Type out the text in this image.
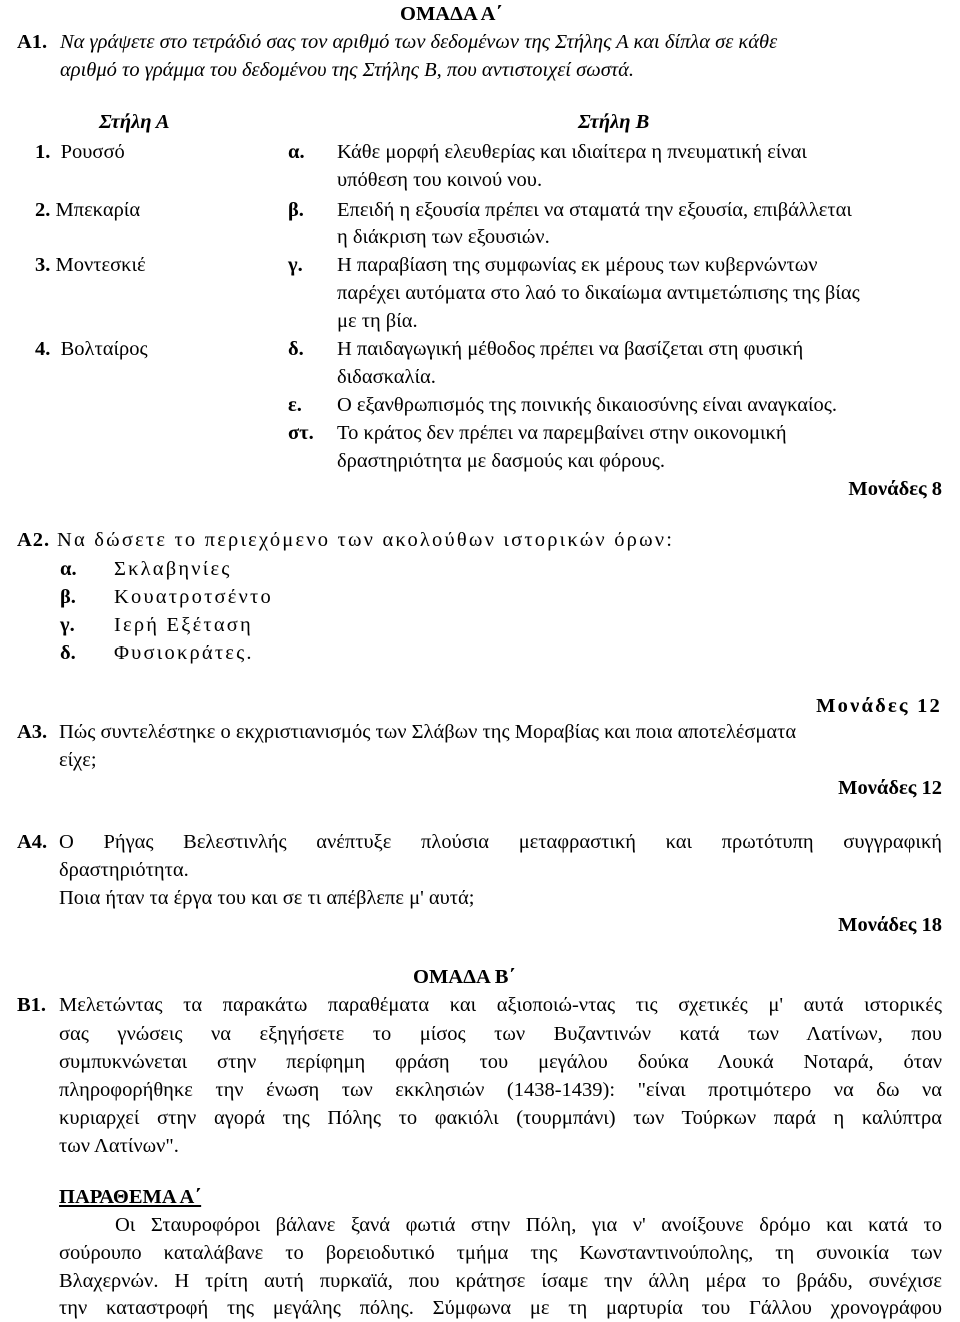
ΟΜΑΔΑ Α΄
Α1. Να γράψετε στο τετράδιό σας τον αριθμό των δεδομένων της Στήλης Α και δίπλα σε κάθε
αριθμό το γράμμα του δεδομένου της Στήλης Β, που αντιστοιχεί σωστά.
Στήλη Α	Στήλη Β
1. Ρουσσό
2. Μπεκαρία
3. Μοντεσκιέ
4. Βολταίρος
α. Κάθε μορφή ελευθερίας και ιδιαίτερα η πνευματική είναι
υπόθεση του κοινού νου.
β. Επειδή η εξουσία πρέπει να σταματά την εξουσία, επιβάλλεται
η διάκριση των εξουσιών.
γ. Η παραβίαση της συμφωνίας εκ μέρους των κυβερνώντων
παρέχει αυτόματα στο λαό το δικαίωμα αντιμετώπισης της βίας
με τη βία.
δ. Η παιδαγωγική μέθοδος πρέπει να βασίζεται στη φυσική
διδασκαλία.
ε. Ο εξανθρωπισμός της ποινικής δικαιοσύνης είναι αναγκαίος.
στ. Το κράτος δεν πρέπει να παρεμβαίνει στην οικονομική
δραστηριότητα με δασμούς και φόρους.
Μονάδες 8
Α2. Να δώσετε το περιεχόμενο των ακολούθων ιστορικών όρων:
α. Σκλαβηνίες
β. Κουατροτσέντο
γ. Ιερή Εξέταση
δ. Φυσιοκράτες.
Μονάδες 12
Α3. Πώς συντελέστηκε ο εκχριστιανισμός των Σλάβων της Μοραβίας και ποια αποτελέσματα
είχε;
Μονάδες 12
Α4. Ο Ρήγας Βελεστινλής ανέπτυξε πλούσια μεταφραστική και πρωτότυπη συγγραφική
δραστηριότητα.
Ποια ήταν τα έργα του και σε τι απέβλεπε μ' αυτά;
Μονάδες 18
ΟΜΑΔΑ Β΄
Β1. Μελετώντας τα παρακάτω παραθέματα και αξιοποιώ-ντας τις σχετικές μ' αυτά ιστορικές
σας γνώσεις να εξηγήσετε το μίσος των Βυζαντινών κατά των Λατίνων, που
συμπυκνώνεται στην περίφημη φράση του μεγάλου δούκα Λουκά Νοταρά, όταν
πληροφορήθηκε την ένωση των εκκλησιών (1438-1439): "είναι προτιμότερο να δω να
κυριαρχεί στην αγορά της Πόλης το φακιόλι (τουρμπάνι) των Τούρκων παρά η καλύπτρα
των Λατίνων".
ΠΑΡΑΘΕΜΑ Α΄
Οι Σταυροφόροι βάλανε ξανά φωτιά στην Πόλη, για ν' ανοίξουνε δρόμο και κατά το
σούρουπο καταλάβανε το βορειοδυτικό τμήμα της Κωνσταντινούπολης, τη συνοικία των
Βλαχερνών. Η τρίτη αυτή πυρκαϊά, που κράτησε ίσαμε την άλλη μέρα το βράδυ, συνέχισε
την καταστροφή της μεγάλης πόλης. Σύμφωνα με τη μαρτυρία του Γάλλου χρονογράφου
